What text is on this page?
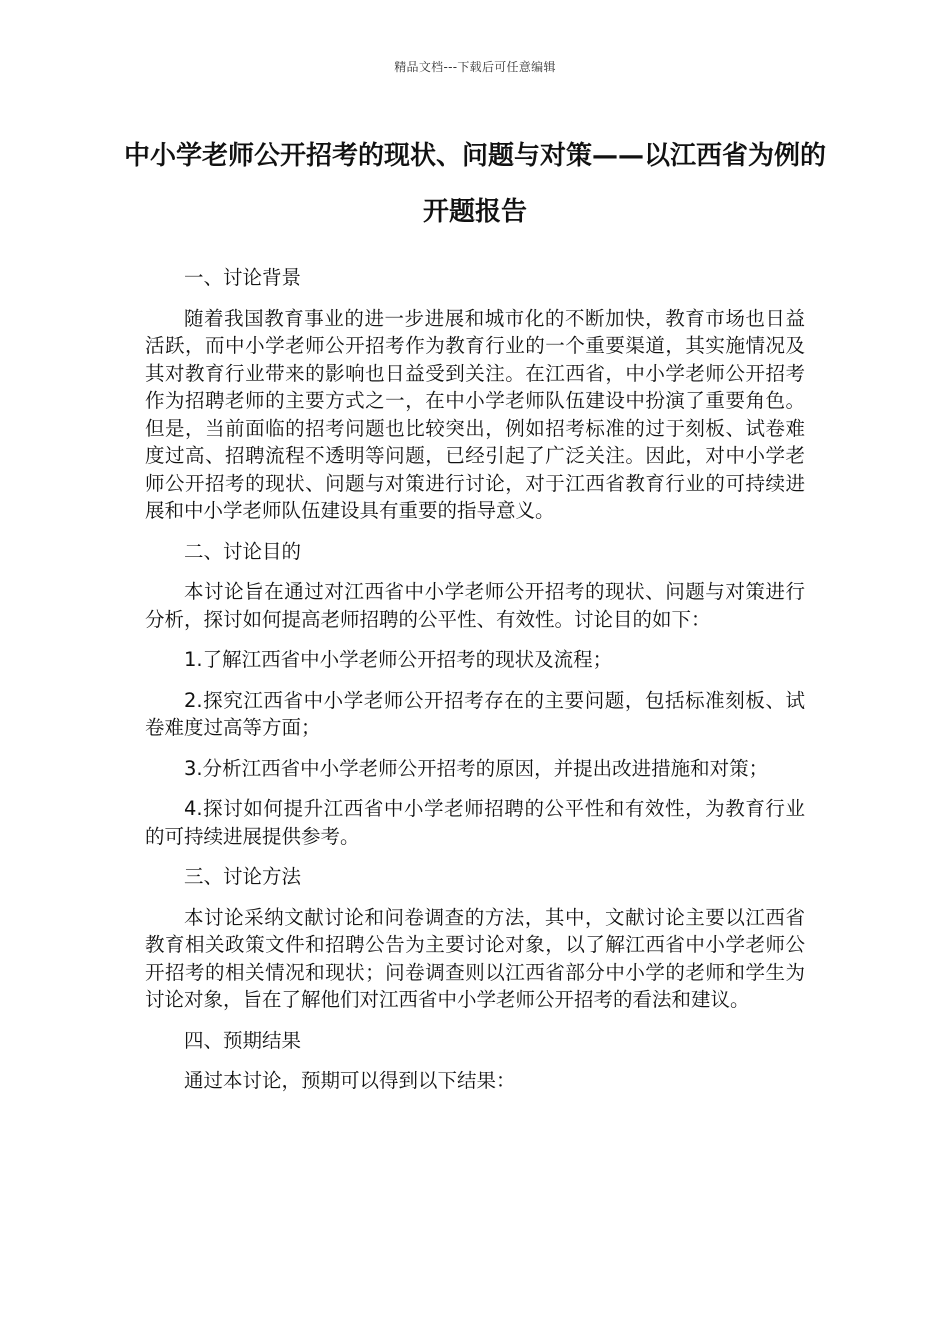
精品文档---下载后可任意编辑
中小学老师公开招考的现状、问题与对策——以江西省为例的开题报告

一、讨论背景

随着我国教育事业的进一步进展和城市化的不断加快，教育市场也日益活跃，而中小学老师公开招考作为教育行业的一个重要渠道，其实施情况及其对教育行业带来的影响也日益受到关注。在江西省，中小学老师公开招考作为招聘老师的主要方式之一，在中小学老师队伍建设中扮演了重要角色。但是，当前面临的招考问题也比较突出，例如招考标准的过于刻板、试卷难度过高、招聘流程不透明等问题，已经引起了广泛关注。因此，对中小学老师公开招考的现状、问题与对策进行讨论，对于江西省教育行业的可持续进展和中小学老师队伍建设具有重要的指导意义。

二、讨论目的

本讨论旨在通过对江西省中小学老师公开招考的现状、问题与对策进行分析，探讨如何提高老师招聘的公平性、有效性。讨论目的如下：

1.了解江西省中小学老师公开招考的现状及流程；

2.探究江西省中小学老师公开招考存在的主要问题，包括标准刻板、试卷难度过高等方面；

3.分析江西省中小学老师公开招考的原因，并提出改进措施和对策；

4.探讨如何提升江西省中小学老师招聘的公平性和有效性，为教育行业的可持续进展提供参考。

三、讨论方法

本讨论采纳文献讨论和问卷调查的方法，其中，文献讨论主要以江西省教育相关政策文件和招聘公告为主要讨论对象，以了解江西省中小学老师公开招考的相关情况和现状；问卷调查则以江西省部分中小学的老师和学生为讨论对象，旨在了解他们对江西省中小学老师公开招考的看法和建议。

四、预期结果

通过本讨论，预期可以得到以下结果：
